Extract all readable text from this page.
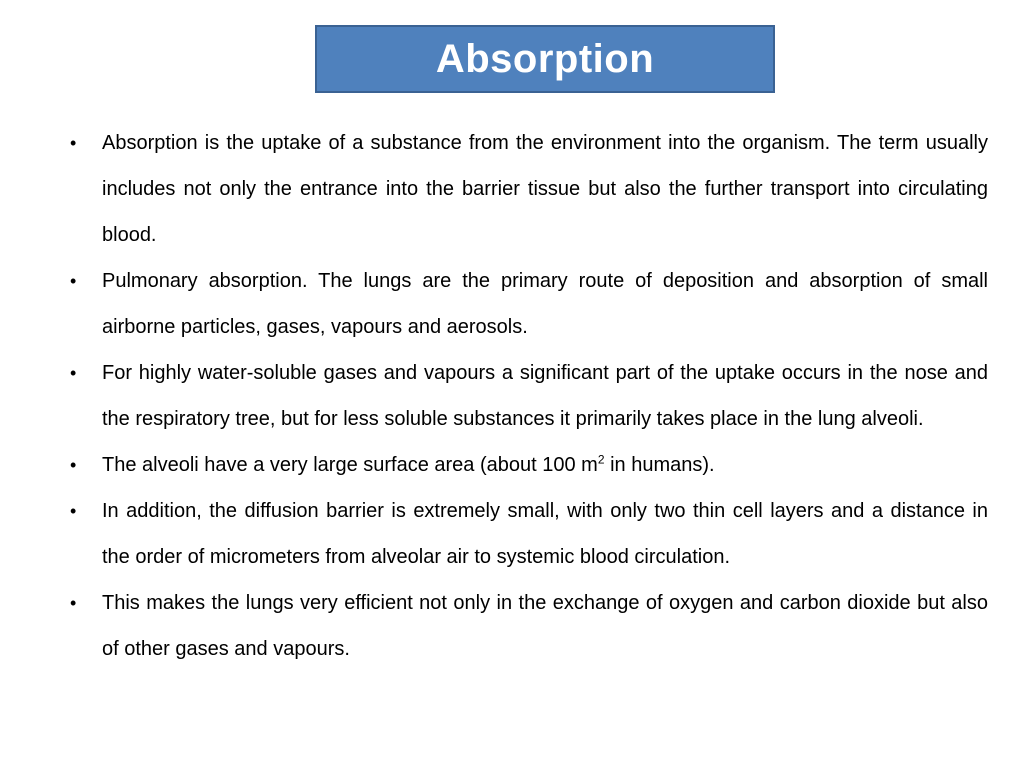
Absorption
• Absorption is the uptake of a substance from the environment into the organism. The term usually includes not only the entrance into the barrier tissue but also the further transport into circulating blood.
• Pulmonary absorption. The lungs are the primary route of deposition and absorption of small airborne particles, gases, vapours and aerosols.
• For highly water-soluble gases and vapours a significant part of the uptake occurs in the nose and the respiratory tree, but for less soluble substances it primarily takes place in the lung alveoli.
• The alveoli have a very large surface area (about 100 $m^2$ in humans).
• In addition, the diffusion barrier is extremely small, with only two thin cell layers and a distance in the order of micrometers from alveolar air to systemic blood circulation.
• This makes the lungs very efficient not only in the exchange of oxygen and carbon dioxide but also of other gases and vapours.
